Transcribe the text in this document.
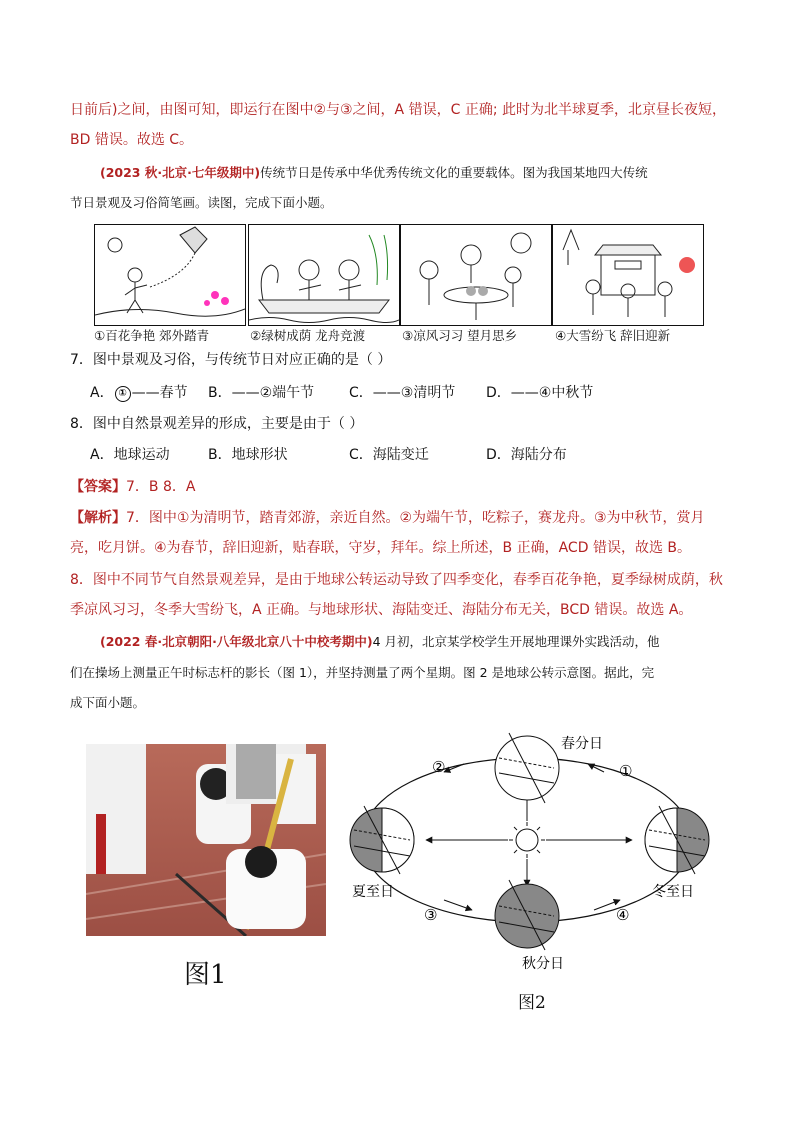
日前后)之间，由图可知，即运行在图中②与③之间，A 错误，C 正确; 此时为北半球夏季，北京昼长夜短，
BD 错误。故选 C。
(2023 秋·北京·七年级期中)传统节日是传承中华优秀传统文化的重要载体。图为我国某地四大传统
节日景观及习俗简笔画。读图，完成下面小题。
①百花争艳 郊外踏青	②绿树成荫 龙舟竞渡	③凉风习习 望月思乡	④大雪纷飞 辞旧迎新
7．图中景观及习俗，与传统节日对应正确的是（ ）
A． ① ——春节 B．——②端午节 C．——③清明节 D．——④中秋节
8．图中自然景观差异的形成，主要是由于（ ）
A．地球运动	B．地球形状	C．海陆变迁	D．海陆分布
【答案】7．B 8．A
【解析】7．图中①为清明节，踏青郊游，亲近自然。②为端午节，吃粽子，赛龙舟。③为中秋节，赏月
亮，吃月饼。④为春节，辞旧迎新，贴春联，守岁，拜年。综上所述，B 正确，ACD 错误，故选 B。
8．图中不同节气自然景观差异，是由于地球公转运动导致了四季变化，春季百花争艳，夏季绿树成荫，秋
季凉风习习，冬季大雪纷飞，A 正确。与地球形状、海陆变迁、海陆分布无关，BCD 错误。故选 A。
(2022 春·北京朝阳·八年级北京八十中校考期中)4 月初，北京某学校学生开展地理课外实践活动，他
们在操场上测量正午时标志杆的影长（图 1），并坚持测量了两个星期。图 2 是地球公转示意图。据此，完
成下面小题。
图1
春分日
夏至日
秋分日
冬至日
①
②
③	④
图2
